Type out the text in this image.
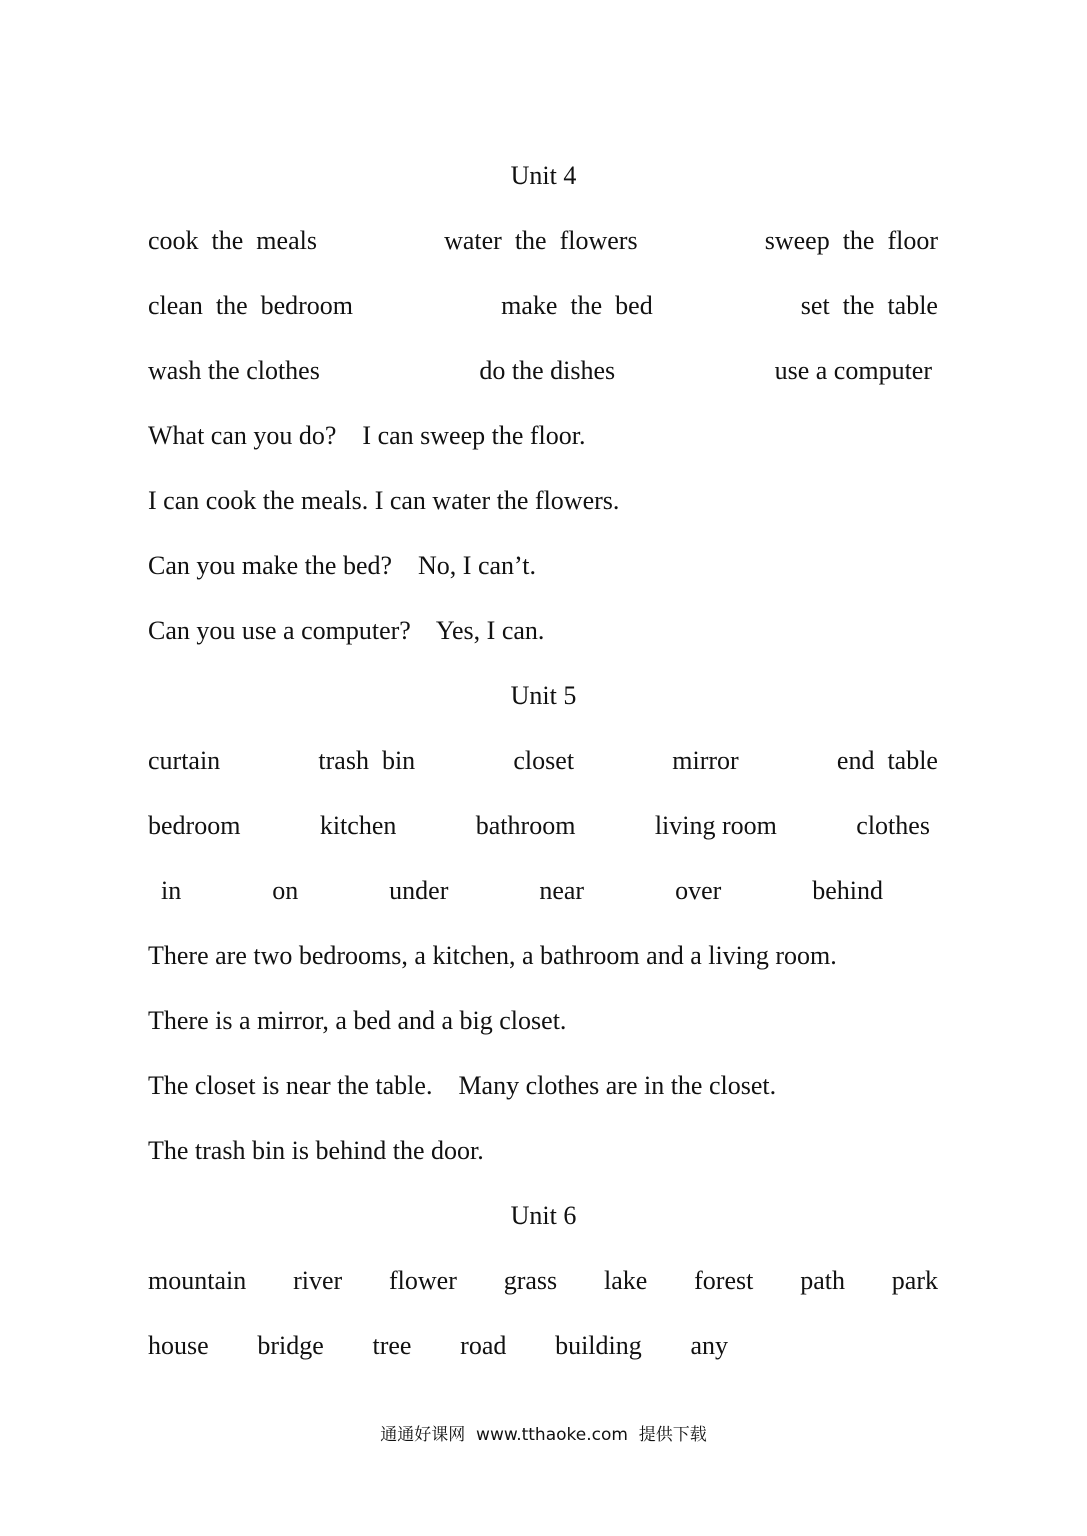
Unit 4
cook  the  meals	water  the  flowers	sweep  the  floor
clean  the  bedroom	make  the  bed	set  the  table
wash the clothes	do the dishes	use a computer
What can you do?    I can sweep the floor.
I can cook the meals. I can water the flowers.
Can you make the bed?    No, I can’t.
Can you use a computer?    Yes, I can.
Unit 5
curtain	trash  bin	closet	mirror	end  table
bedroom	kitchen	bathroom	living room	clothes
in	on	under	near	over	behind
There are two bedrooms, a kitchen, a bathroom and a living room.
There is a mirror, a bed and a big closet.
The closet is near the table.    Many clothes are in the closet.
The trash bin is behind the door.
Unit 6
mountain river flower grass lake forest path park
house bridge tree road building any
通通好课网  www.tthaoke.com  提供下载
